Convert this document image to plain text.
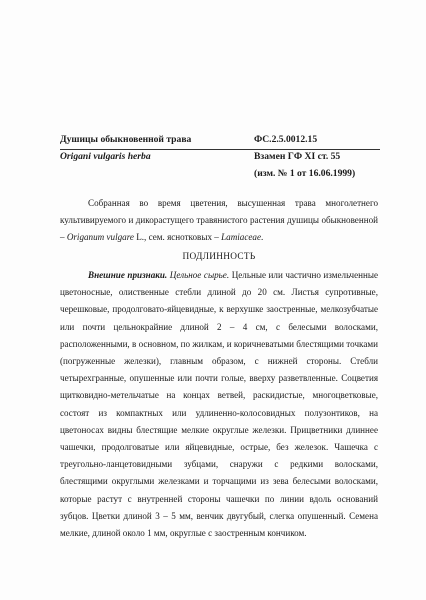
Душицы обыкновенной трава	ФС.2.5.0012.15
Origani vulgaris herba	Взамен ГФ XI ст. 55
(изм. № 1 от 16.06.1999)

Собранная во время цветения, высушенная трава многолетнего культивируемого и дикорастущего травянистого растения душицы обыкновенной – Origanum vulgare L., сем. яснотковых – Lamiaceae.

ПОДЛИННОСТЬ

Внешние признаки. Цельное сырье. Цельные или частично измельченные цветоносные, олиственные стебли длиной до 20 см. Листья супротивные, черешковые, продолговато-яйцевидные, к верхушке заостренные, мелкозубчатые или почти цельнокрайние длиной 2 – 4 см, с белесыми волосками, расположенными, в основном, по жилкам, и коричневатыми блестящими точками (погруженные железки), главным образом, с нижней стороны. Стебли четырехгранные, опушенные или почти голые, вверху разветвленные. Соцветия щитковидно-метельчатые на концах ветвей, раскидистые, многоцветковые, состоят из компактных или удлиненно-колосовидных полузонтиков, на цветоносах видны блестящие мелкие округлые железки. Прицветники длиннее чашечки, продолговатые или яйцевидные, острые, без железок. Чашечка с треугольно-ланцетовидными зубцами, снаружи с редкими волосками, блестящими округлыми железками и торчащими из зева белесыми волосками, которые растут с внутренней стороны чашечки по линии вдоль оснований зубцов. Цветки длиной 3 – 5 мм, венчик двугубый, слегка опушенный. Семена мелкие, длиной около 1 мм, округлые с заостренным кончиком.
